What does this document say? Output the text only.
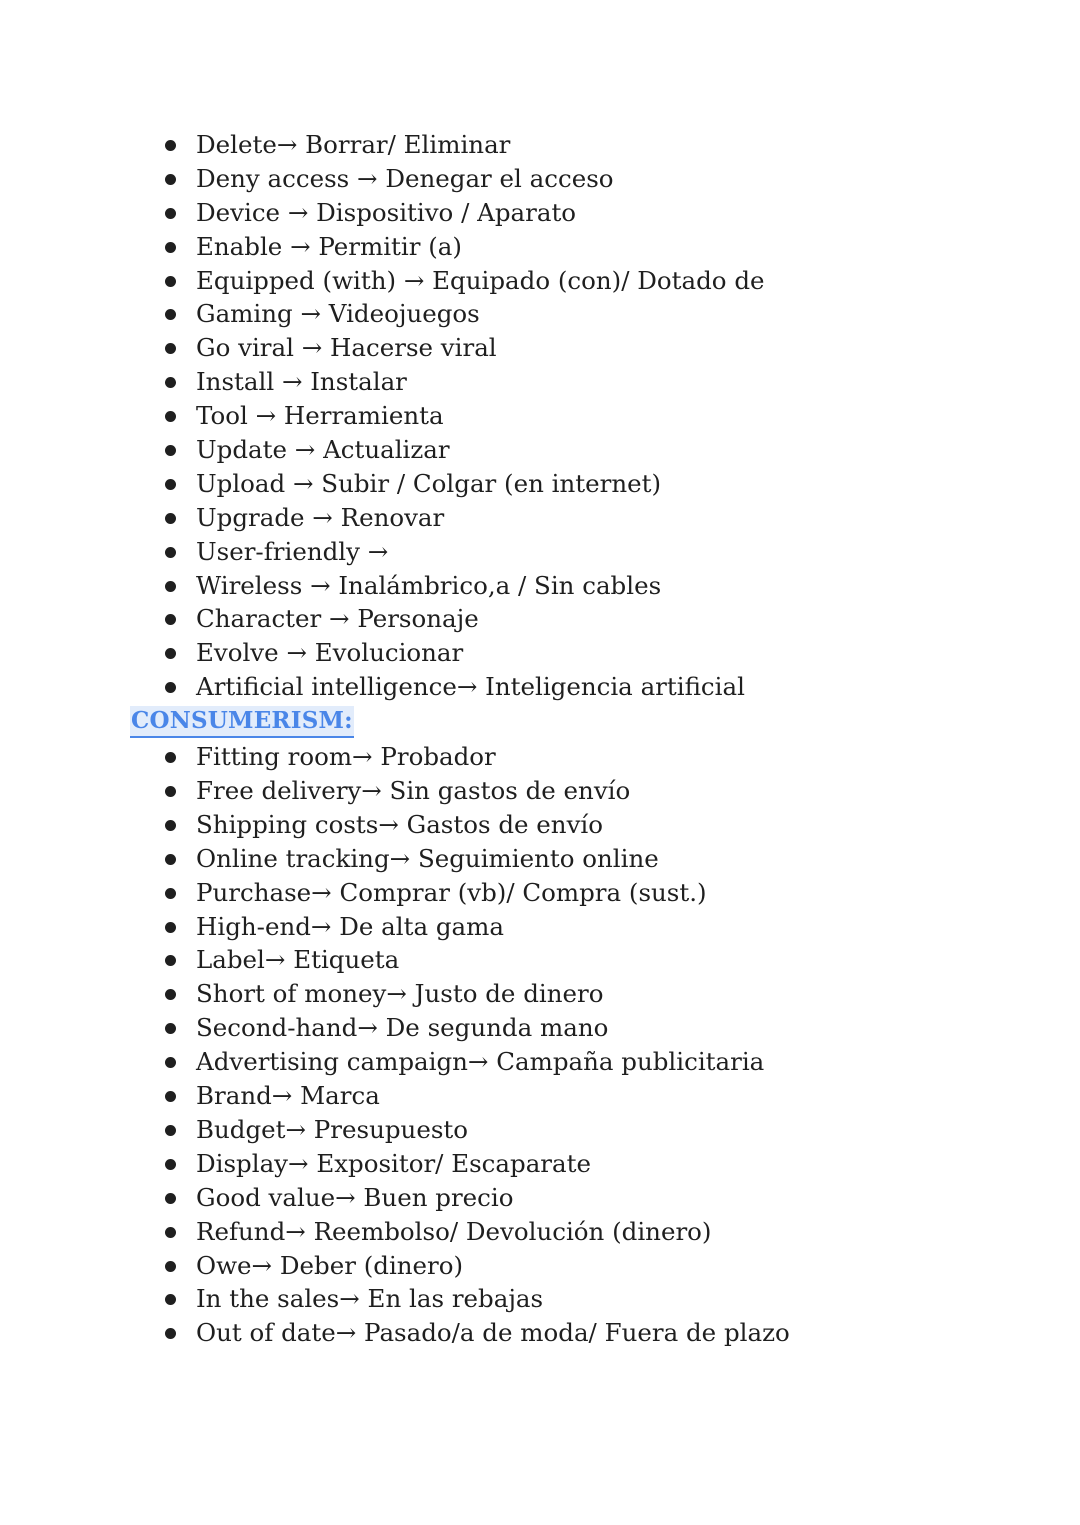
Delete→ Borrar/ Eliminar
Deny access → Denegar el acceso
Device → Dispositivo / Aparato
Enable → Permitir (a)
Equipped (with) → Equipado (con)/ Dotado de
Gaming → Videojuegos
Go viral → Hacerse viral
Install → Instalar
Tool → Herramienta
Update → Actualizar
Upload → Subir / Colgar (en internet)
Upgrade → Renovar
User-friendly →
Wireless → Inalámbrico,a / Sin cables
Character → Personaje
Evolve → Evolucionar
Artificial intelligence→ Inteligencia artificial
CONSUMERISM:
Fitting room→ Probador
Free delivery→ Sin gastos de envío
Shipping costs→ Gastos de envío
Online tracking→ Seguimiento online
Purchase→ Comprar (vb)/ Compra (sust.)
High-end→ De alta gama
Label→ Etiqueta
Short of money→ Justo de dinero
Second-hand→ De segunda mano
Advertising campaign→ Campaña publicitaria
Brand→ Marca
Budget→ Presupuesto
Display→ Expositor/ Escaparate
Good value→ Buen precio
Refund→ Reembolso/ Devolución (dinero)
Owe→ Deber (dinero)
In the sales→ En las rebajas
Out of date→ Pasado/a de moda/ Fuera de plazo
